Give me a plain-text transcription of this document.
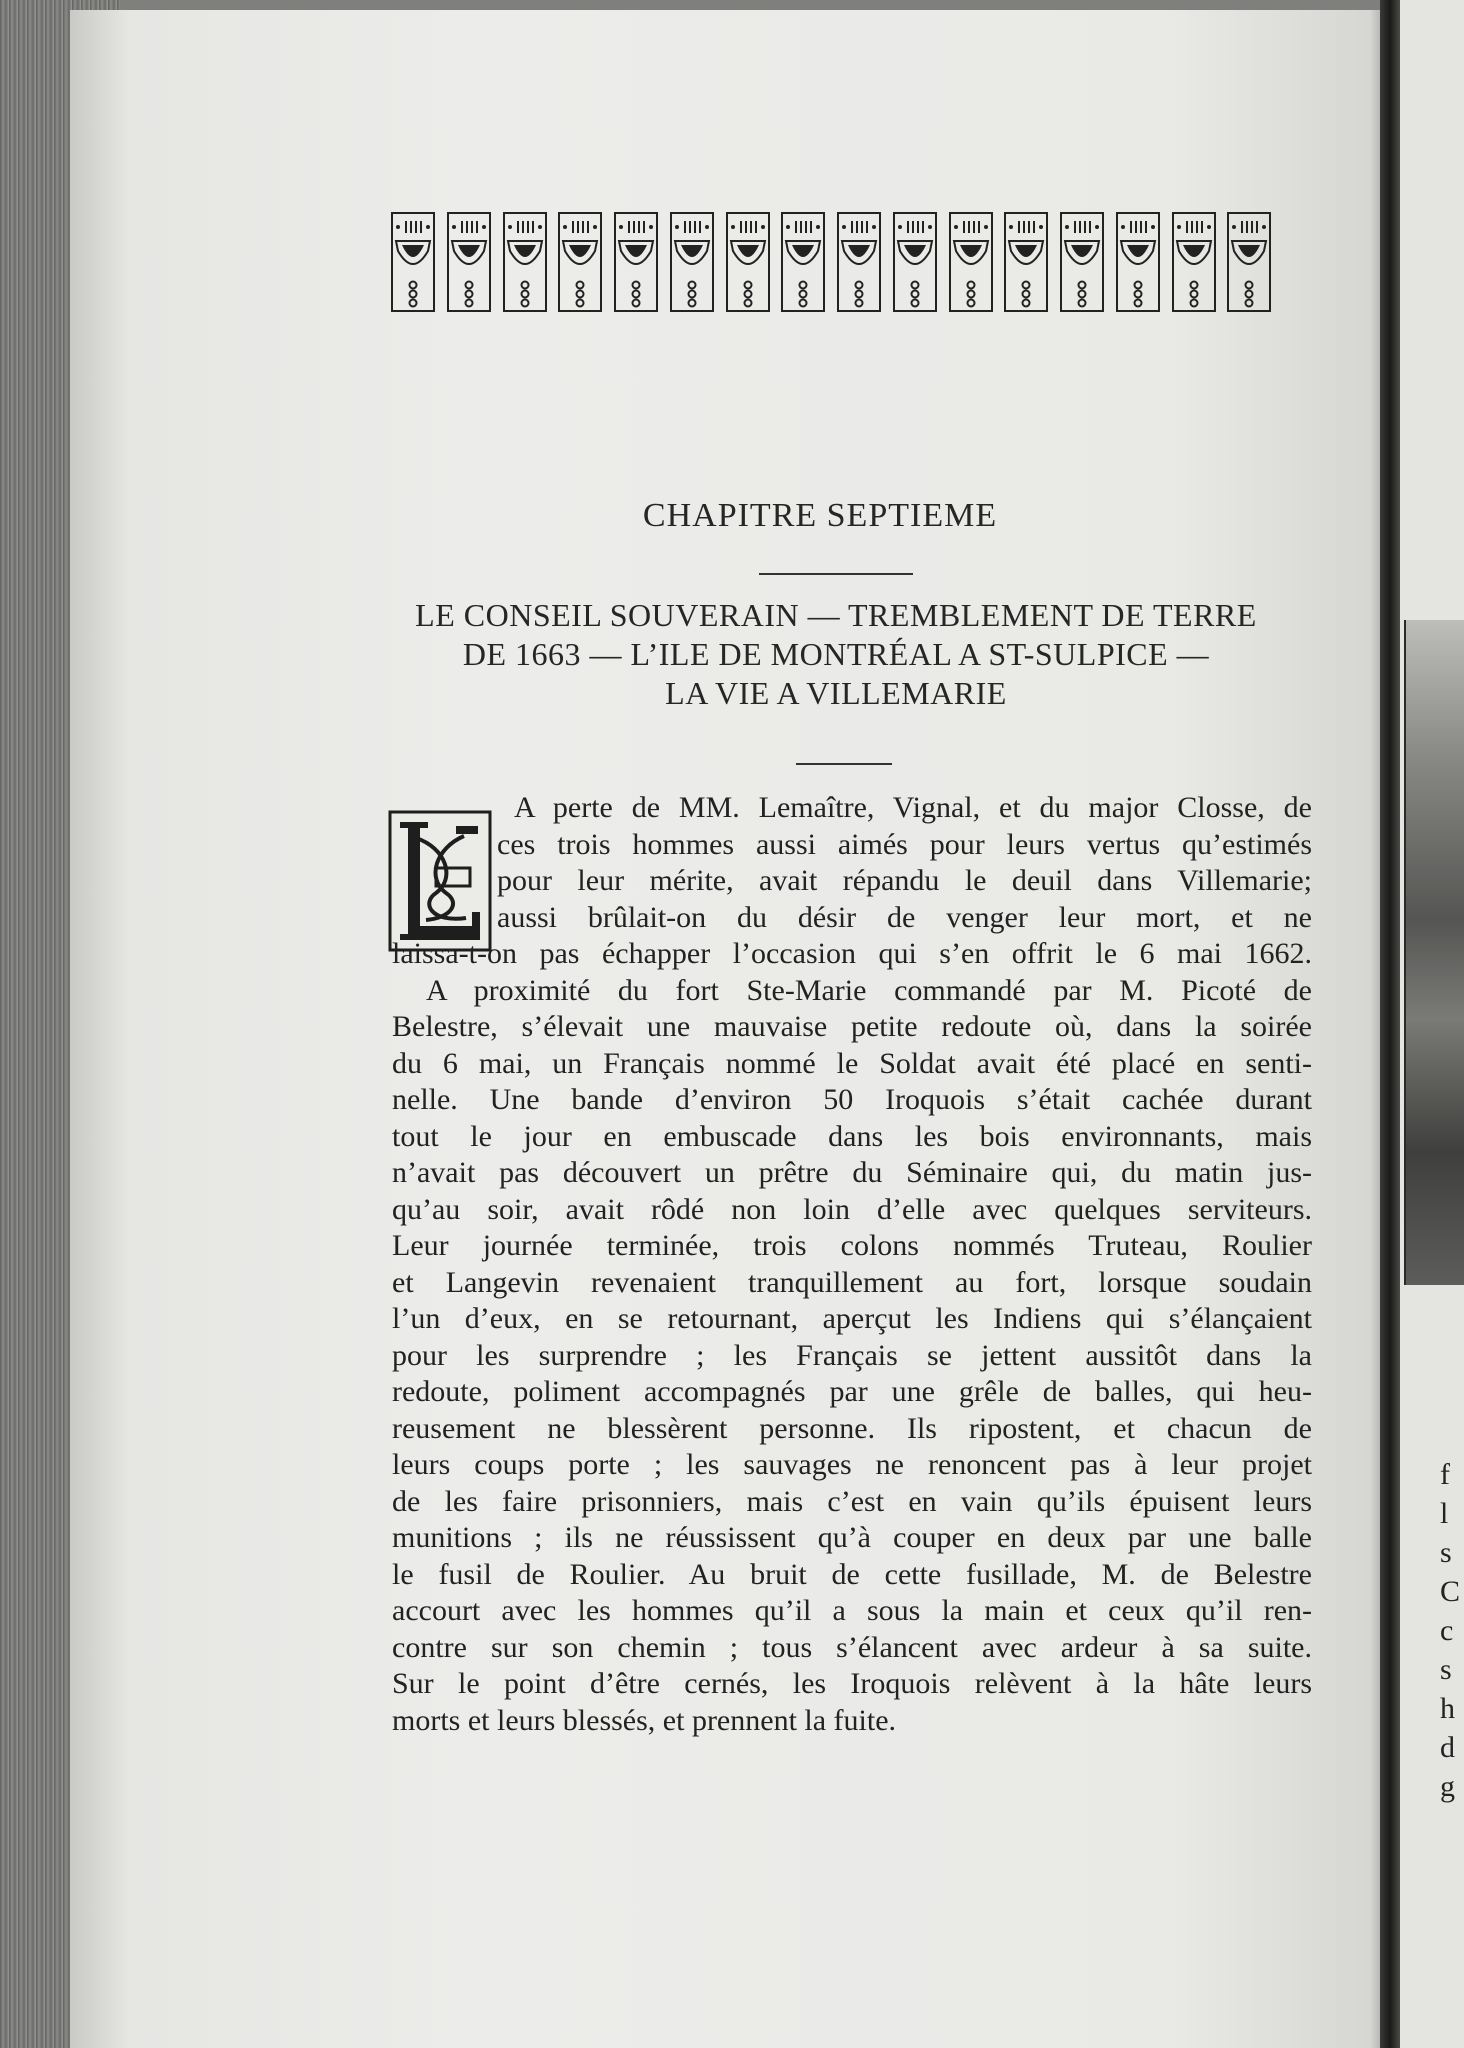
f
l
s
C
c
s
h
d
g
CHAPITRE SEPTIEME
LE CONSEIL SOUVERAIN — TREMBLEMENT DE TERRE
DE 1663 — L’ILE DE MONTRÉAL A ST-SULPICE —
LA VIE A VILLEMARIE
A perte de MM. Lemaître, Vignal, et du major Closse, de
ces trois hommes aussi aimés pour leurs vertus qu’estimés
pour leur mérite, avait répandu le deuil dans Villemarie;
aussi brûlait-on du désir de venger leur mort, et ne
laissa-t-on pas échapper l’occasion qui s’en offrit le 6 mai 1662.
A proximité du fort Ste-Marie commandé par M. Picoté de
Belestre, s’élevait une mauvaise petite redoute où, dans la soirée
du 6 mai, un Français nommé le Soldat avait été placé en senti-
nelle. Une bande d’environ 50 Iroquois s’était cachée durant
tout le jour en embuscade dans les bois environnants, mais
n’avait pas découvert un prêtre du Séminaire qui, du matin jus-
qu’au soir, avait rôdé non loin d’elle avec quelques serviteurs.
Leur journée terminée, trois colons nommés Truteau, Roulier
et Langevin revenaient tranquillement au fort, lorsque soudain
l’un d’eux, en se retournant, aperçut les Indiens qui s’élançaient
pour les surprendre ; les Français se jettent aussitôt dans la
redoute, poliment accompagnés par une grêle de balles, qui heu-
reusement ne blessèrent personne. Ils ripostent, et chacun de
leurs coups porte ; les sauvages ne renoncent pas à leur projet
de les faire prisonniers, mais c’est en vain qu’ils épuisent leurs
munitions ; ils ne réussissent qu’à couper en deux par une balle
le fusil de Roulier. Au bruit de cette fusillade, M. de Belestre
accourt avec les hommes qu’il a sous la main et ceux qu’il ren-
contre sur son chemin ; tous s’élancent avec ardeur à sa suite.
Sur le point d’être cernés, les Iroquois relèvent à la hâte leurs
morts et leurs blessés, et prennent la fuite.
